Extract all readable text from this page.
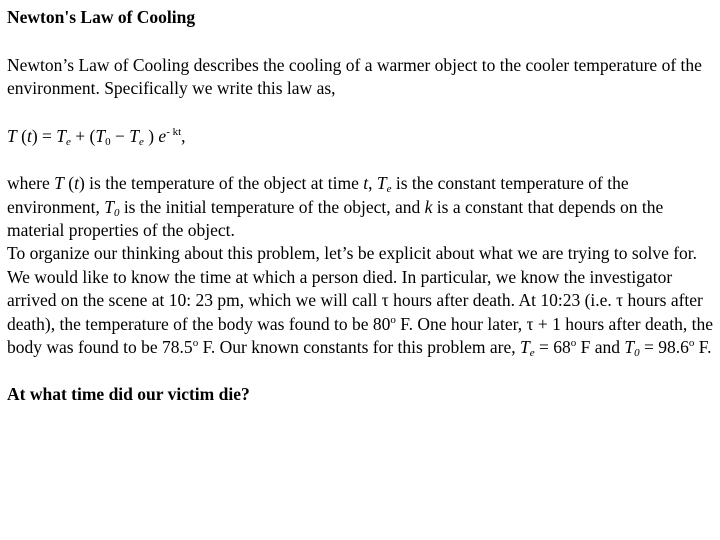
Newton's Law of Cooling

Newton’s Law of Cooling describes the cooling of a warmer object to the cooler temperature of the environment. Specifically we write this law as,

T $(t) = T_e + (T_0 - T_e$ ) $e^{- kt}$,

where T (t) is the temperature of the object at time t, $T_e$ is the constant temperature of the environment, $T_0$ is the initial temperature of the object, and k is a constant that depends on the material properties of the object.

To organize our thinking about this problem, let’s be explicit about what we are trying to solve for. We would like to know the time at which a person died. In particular, we know the investigator arrived on the scene at 10: 23 pm, which we will call τ hours after death. At 10:23 (i.e. τ hours after death), the temperature of the body was found to be 80$^o$ F. One hour later, τ + 1 hours after death, the body was found to be 78.5$^o$ F. Our known constants for this problem are, $T_e = 68^o$ F and $T_0 = 98.6^o$ F.

At what time did our victim die?
